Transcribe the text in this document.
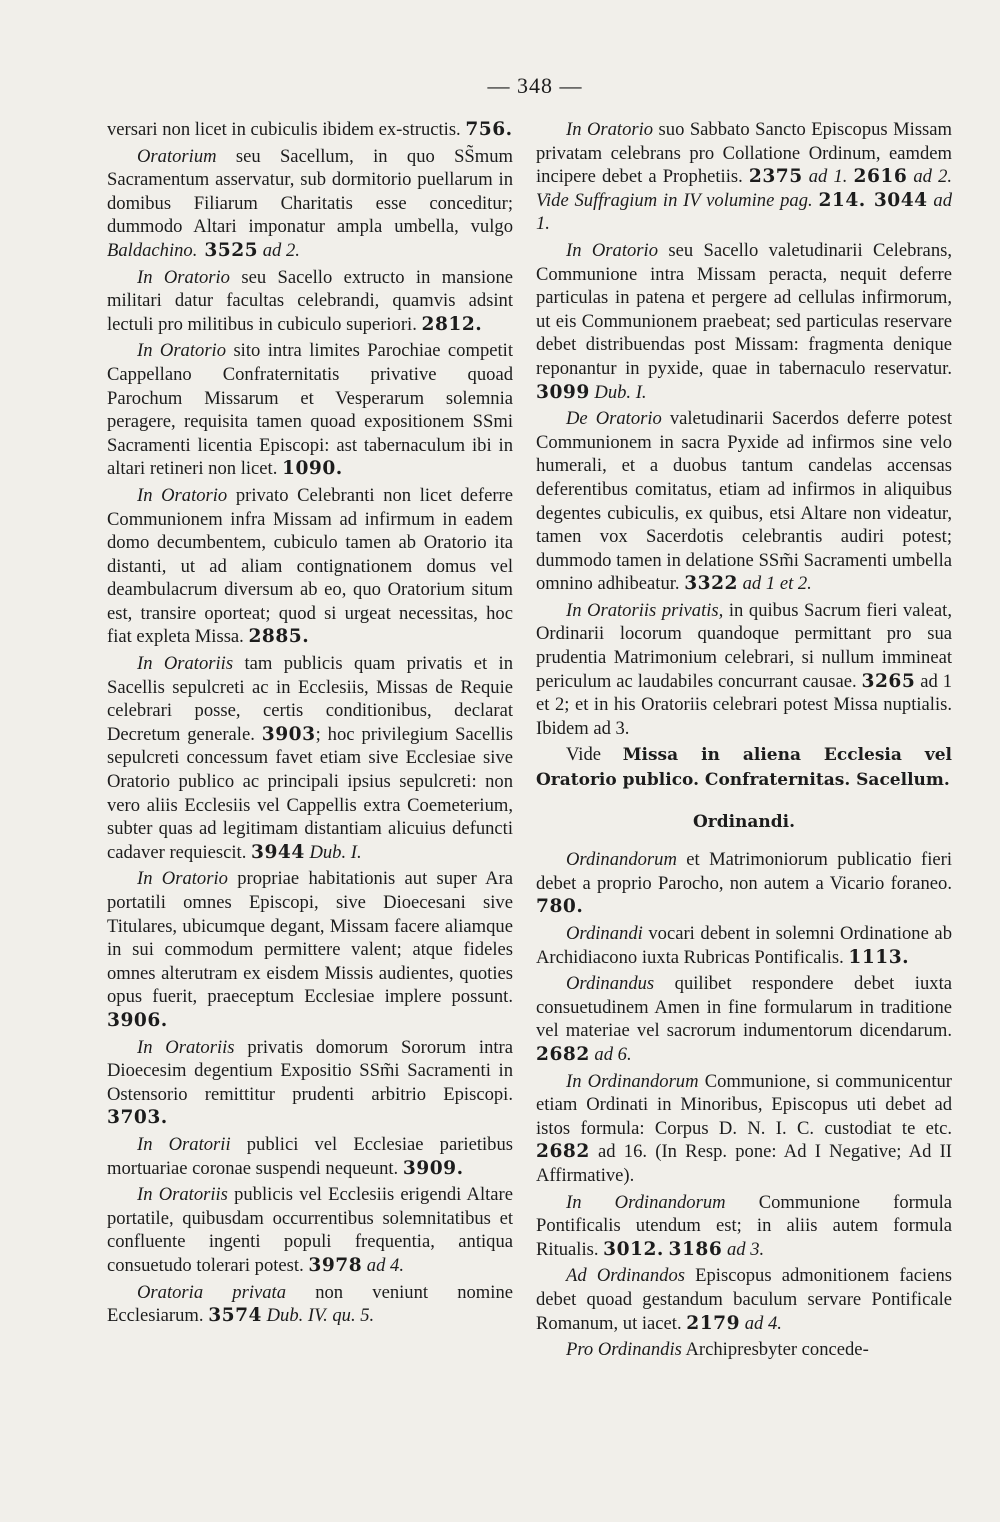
— 348 —

versari non licet in cubiculis ibidem ex-structis. 756.

Oratorium seu Sacellum, in quo SS̃mum Sacramentum asservatur, sub dormitorio puellarum in domibus Filiarum Charitatis esse conceditur; dummodo Altari imponatur ampla umbella, vulgo Baldachino. 3525 ad 2.

In Oratorio seu Sacello extructo in mansione militari datur facultas celebrandi, quamvis adsint lectuli pro militibus in cubiculo superiori. 2812.

In Oratorio sito intra limites Parochiae competit Cappellano Confraternitatis privative quoad Parochum Missarum et Vesperarum solemnia peragere, requisita tamen quoad expositionem SSmi Sacramenti licentia Episcopi: ast tabernaculum ibi in altari retineri non licet. 1090.

In Oratorio privato Celebranti non licet deferre Communionem infra Missam ad infirmum in eadem domo decumbentem, cubiculo tamen ab Oratorio ita distanti, ut ad aliam contignationem domus vel deambulacrum diversum ab eo, quo Oratorium situm est, transire oporteat; quod si urgeat necessitas, hoc fiat expleta Missa. 2885.

In Oratoriis tam publicis quam privatis et in Sacellis sepulcreti ac in Ecclesiis, Missas de Requie celebrari posse, certis conditionibus, declarat Decretum generale. 3903; hoc privilegium Sacellis sepulcreti concessum favet etiam sive Ecclesiae sive Oratorio publico ac principali ipsius sepulcreti: non vero aliis Ecclesiis vel Cappellis extra Coemeterium, subter quas ad legitimam distantiam alicuius defuncti cadaver requiescit. 3944 Dub. I.

In Oratorio propriae habitationis aut super Ara portatili omnes Episcopi, sive Dioecesani sive Titulares, ubicumque degant, Missam facere aliamque in sui commodum permittere valent; atque fideles omnes alterutram ex eisdem Missis audientes, quoties opus fuerit, praeceptum Ecclesiae implere possunt. 3906.

In Oratoriis privatis domorum Sororum intra Dioecesim degentium Expositio SSm̃i Sacramenti in Ostensorio remittitur prudenti arbitrio Episcopi. 3703.

In Oratorii publici vel Ecclesiae parietibus mortuariae coronae suspendi nequeunt. 3909.

In Oratoriis publicis vel Ecclesiis erigendi Altare portatile, quibusdam occurrentibus solemnitatibus et confluente ingenti populi frequentia, antiqua consuetudo tolerari potest. 3978 ad 4.

Oratoria privata non veniunt nomine Ecclesiarum. 3574 Dub. IV. qu. 5.

In Oratorio suo Sabbato Sancto Episcopus Missam privatam celebrans pro Collatione Ordinum, eamdem incipere debet a Prophetiis. 2375 ad 1. 2616 ad 2. Vide Suffragium in IV volumine pag. 214. 3044 ad 1.

In Oratorio seu Sacello valetudinarii Celebrans, Communione intra Missam peracta, nequit deferre particulas in patena et pergere ad cellulas infirmorum, ut eis Communionem praebeat; sed particulas reservare debet distribuendas post Missam: fragmenta denique reponantur in pyxide, quae in tabernaculo reservatur. 3099 Dub. I.

De Oratorio valetudinarii Sacerdos deferre potest Communionem in sacra Pyxide ad infirmos sine velo humerali, et a duobus tantum candelas accensas deferentibus comitatus, etiam ad infirmos in aliquibus degentes cubiculis, ex quibus, etsi Altare non videatur, tamen vox Sacerdotis celebrantis audiri potest; dummodo tamen in delatione SSm̃i Sacramenti umbella omnino adhibeatur. 3322 ad 1 et 2.

In Oratoriis privatis, in quibus Sacrum fieri valeat, Ordinarii locorum quandoque permittant pro sua prudentia Matrimonium celebrari, si nullum immineat periculum ac laudabiles concurrant causae. 3265 ad 1 et 2; et in his Oratoriis celebrari potest Missa nuptialis. Ibidem ad 3.

Vide Missa in aliena Ecclesia vel Oratorio publico. Confraternitas. Sacellum.

Ordinandi.

Ordinandorum et Matrimoniorum publicatio fieri debet a proprio Parocho, non autem a Vicario foraneo. 780.

Ordinandi vocari debent in solemni Ordinatione ab Archidiacono iuxta Rubricas Pontificalis. 1113.

Ordinandus quilibet respondere debet iuxta consuetudinem Amen in fine formularum in traditione vel materiae vel sacrorum indumentorum dicendarum. 2682 ad 6.

In Ordinandorum Communione, si communicentur etiam Ordinati in Minoribus, Episcopus uti debet ad istos formula: Corpus D. N. I. C. custodiat te etc. 2682 ad 16. (In Resp. pone: Ad I Negative; Ad II Affirmative).

In Ordinandorum Communione formula Pontificalis utendum est; in aliis autem formula Ritualis. 3012. 3186 ad 3.

Ad Ordinandos Episcopus admonitionem faciens debet quoad gestandum baculum servare Pontificale Romanum, ut iacet. 2179 ad 4.

Pro Ordinandis Archipresbyter concede-
